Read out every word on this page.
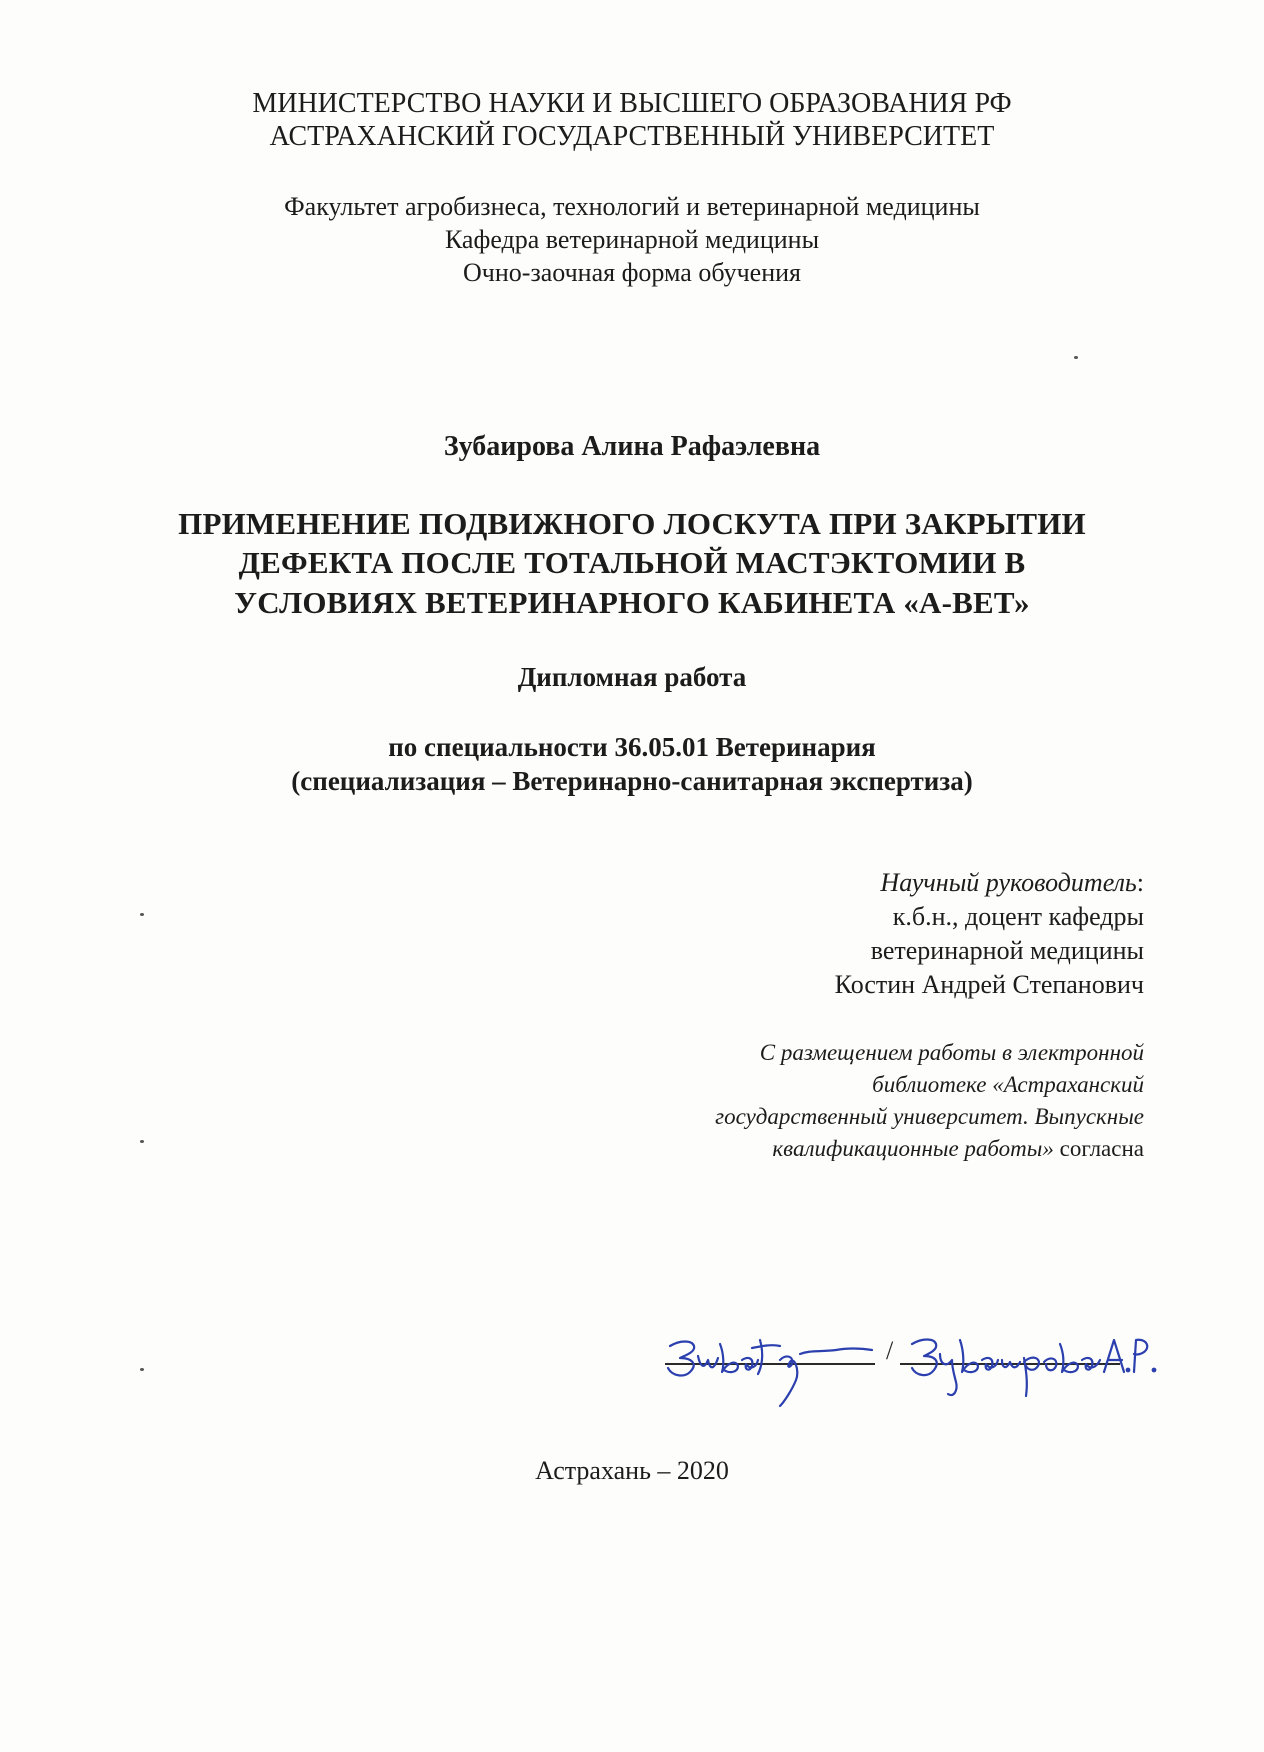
МИНИСТЕРСТВО НАУКИ И ВЫСШЕГО ОБРАЗОВАНИЯ РФ
АСТРАХАНСКИЙ ГОСУДАРСТВЕННЫЙ УНИВЕРСИТЕТ
Факультет агробизнеса, технологий и ветеринарной медицины
Кафедра ветеринарной медицины
Очно-заочная форма обучения
Зубаирова Алина Рафаэлевна
ПРИМЕНЕНИЕ ПОДВИЖНОГО ЛОСКУТА ПРИ ЗАКРЫТИИ
ДЕФЕКТА ПОСЛЕ ТОТАЛЬНОЙ МАСТЭКТОМИИ В
УСЛОВИЯХ ВЕТЕРИНАРНОГО КАБИНЕТА «А-ВЕТ»
Дипломная работа
по специальности 36.05.01 Ветеринария
(специализация – Ветеринарно-санитарная экспертиза)
Научный руководитель:
к.б.н., доцент кафедры
ветеринарной медицины
Костин Андрей Степанович
С размещением работы в электронной
библиотеке «Астраханский
государственный университет. Выпускные
квалификационные работы» согласна
/
Зубаирова А.Р.
Астрахань – 2020
